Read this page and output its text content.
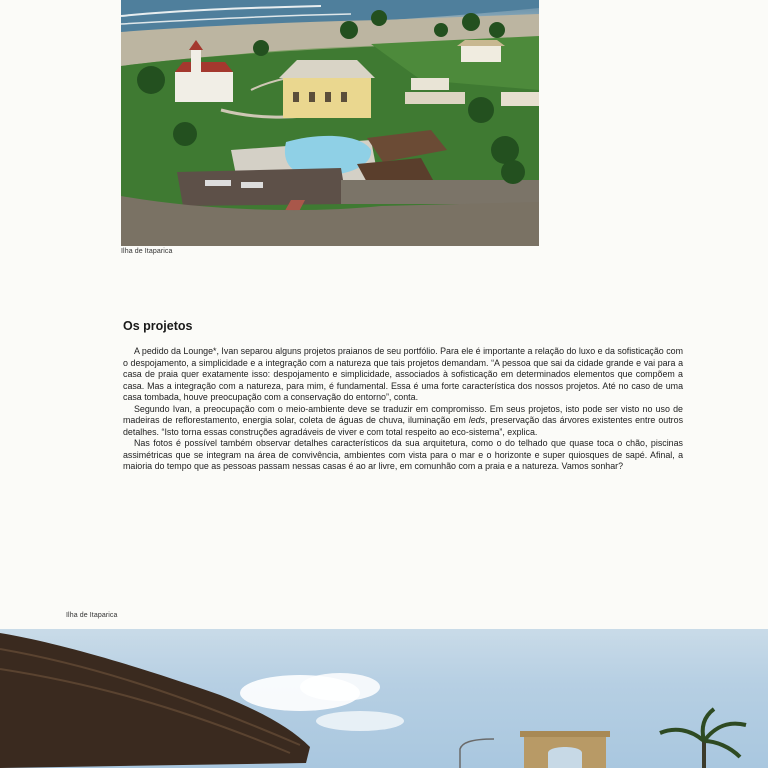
Ilha de Itaparica
Os projetos

A pedido da Lounge*, Ivan separou alguns projetos praianos de seu portfólio. Para ele é importante a relação do luxo e da sofisticação com o despojamento, a simplicidade e a integração com a natureza que tais projetos demandam. “A pessoa que sai da cidade grande e vai para a casa de praia quer exatamente isso: despojamento e simplicidade, associados à sofisticação em determinados elementos que compõem a casa. Mas a integração com a natureza, para mim, é fundamental. Essa é uma forte característica dos nossos projetos. Até no caso de uma casa tombada, houve preocupação com a conservação do entorno”, conta.

Segundo Ivan, a preocupação com o meio-ambiente deve se traduzir em compromisso. Em seus projetos, isto pode ser visto no uso de madeiras de reflorestamento, energia solar, coleta de águas de chuva, iluminação em leds, preservação das árvores existentes entre outros detalhes. “Isto torna essas construções agradáveis de viver e com total respeito ao eco-sistema”, explica.

Nas fotos é possível também observar detalhes característicos da sua arquitetura, como o do telhado que quase toca o chão, piscinas assimétricas que se integram na área de convivência, ambientes com vista para o mar e o horizonte e super quiosques de sapé. Afinal, a maioria do tempo que as pessoas passam nessas casas é ao ar livre, em comunhão com a praia e a natureza. Vamos sonhar?

Ilha de Itaparica
